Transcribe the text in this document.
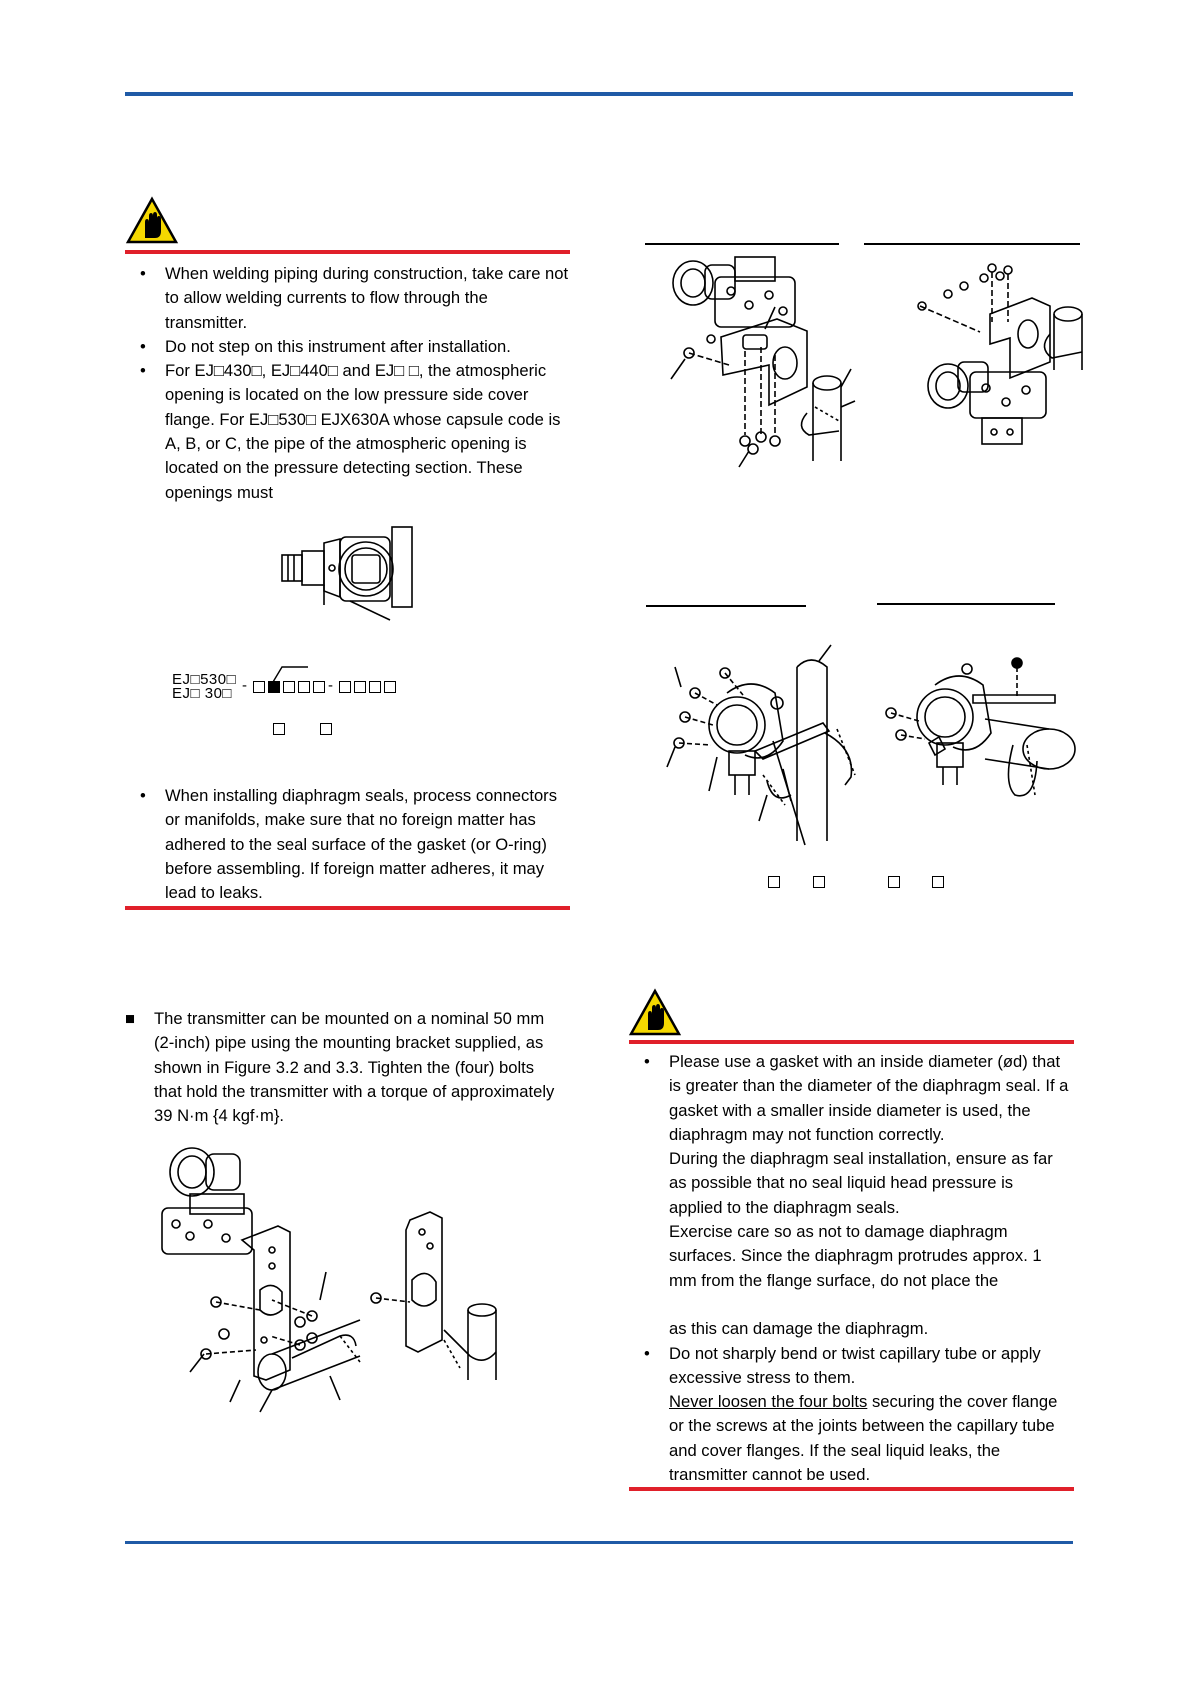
• When welding piping during construction, take care not to allow welding currents to flow through the transmitter.

• Do not step on this instrument after installation.

• For EJ□430□, EJ□440□ and EJ□ □, the atmospheric opening is located on the low pressure side cover flange. For EJ□530□ EJX630A whose capsule code is A, B, or C, the pipe of the atmospheric opening is located on the pressure detecting section. These openings must

EJ□530□
EJ□ 30□ -	-

• When installing diaphragm seals, process connectors or manifolds, make sure that no foreign matter has adhered to the seal surface of the gasket (or O-ring) before assembling. If foreign matter adheres, it may lead to leaks.

■	The transmitter can be mounted on a nominal 50 mm (2-inch) pipe using the mounting bracket supplied, as shown in Figure 3.2 and 3.3. Tighten the (four) bolts that hold the transmitter with a torque of approximately 39 N·m {4 kgf·m}.

• Please use a gasket with an inside diameter (ød) that is greater than the diameter of the diaphragm seal. If a gasket with a smaller inside diameter is used, the diaphragm may not function correctly.

During the diaphragm seal installation, ensure as far as possible that no seal liquid head pressure is applied to the diaphragm seals.

Exercise care so as not to damage diaphragm surfaces. Since the diaphragm protrudes approx. 1 mm from the flange surface, do not place the

as this can damage the diaphragm.

• Do not sharply bend or twist capillary tube or apply excessive stress to them.

Never loosen the four bolts securing the cover flange or the screws at the joints between the capillary tube and cover flanges. If the seal liquid leaks, the transmitter cannot be used.
